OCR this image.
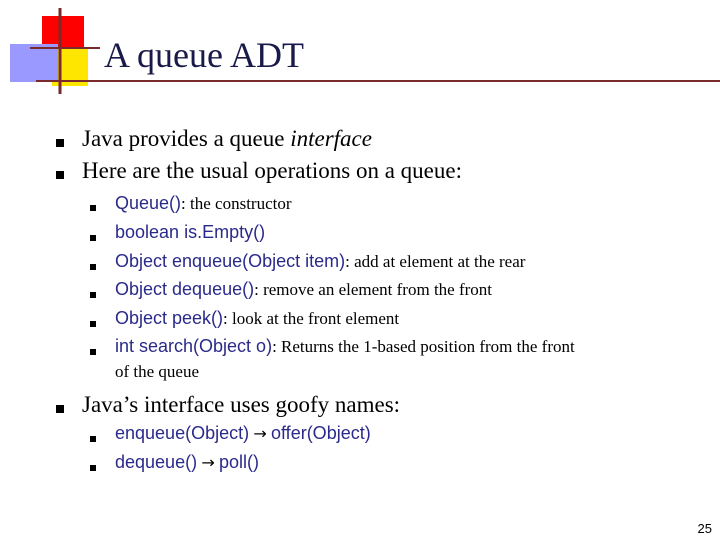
A queue ADT
Java provides a queue interface
Here are the usual operations on a queue:
Queue(): the constructor
boolean is.Empty()
Object enqueue(Object item): add at element at the rear
Object dequeue(): remove an element from the front
Object peek(): look at the front element
int search(Object o): Returns the 1-based position from the front
of the queue
Java’s interface uses goofy names:
enqueue(Object) → offer(Object)
dequeue() → poll()
25
